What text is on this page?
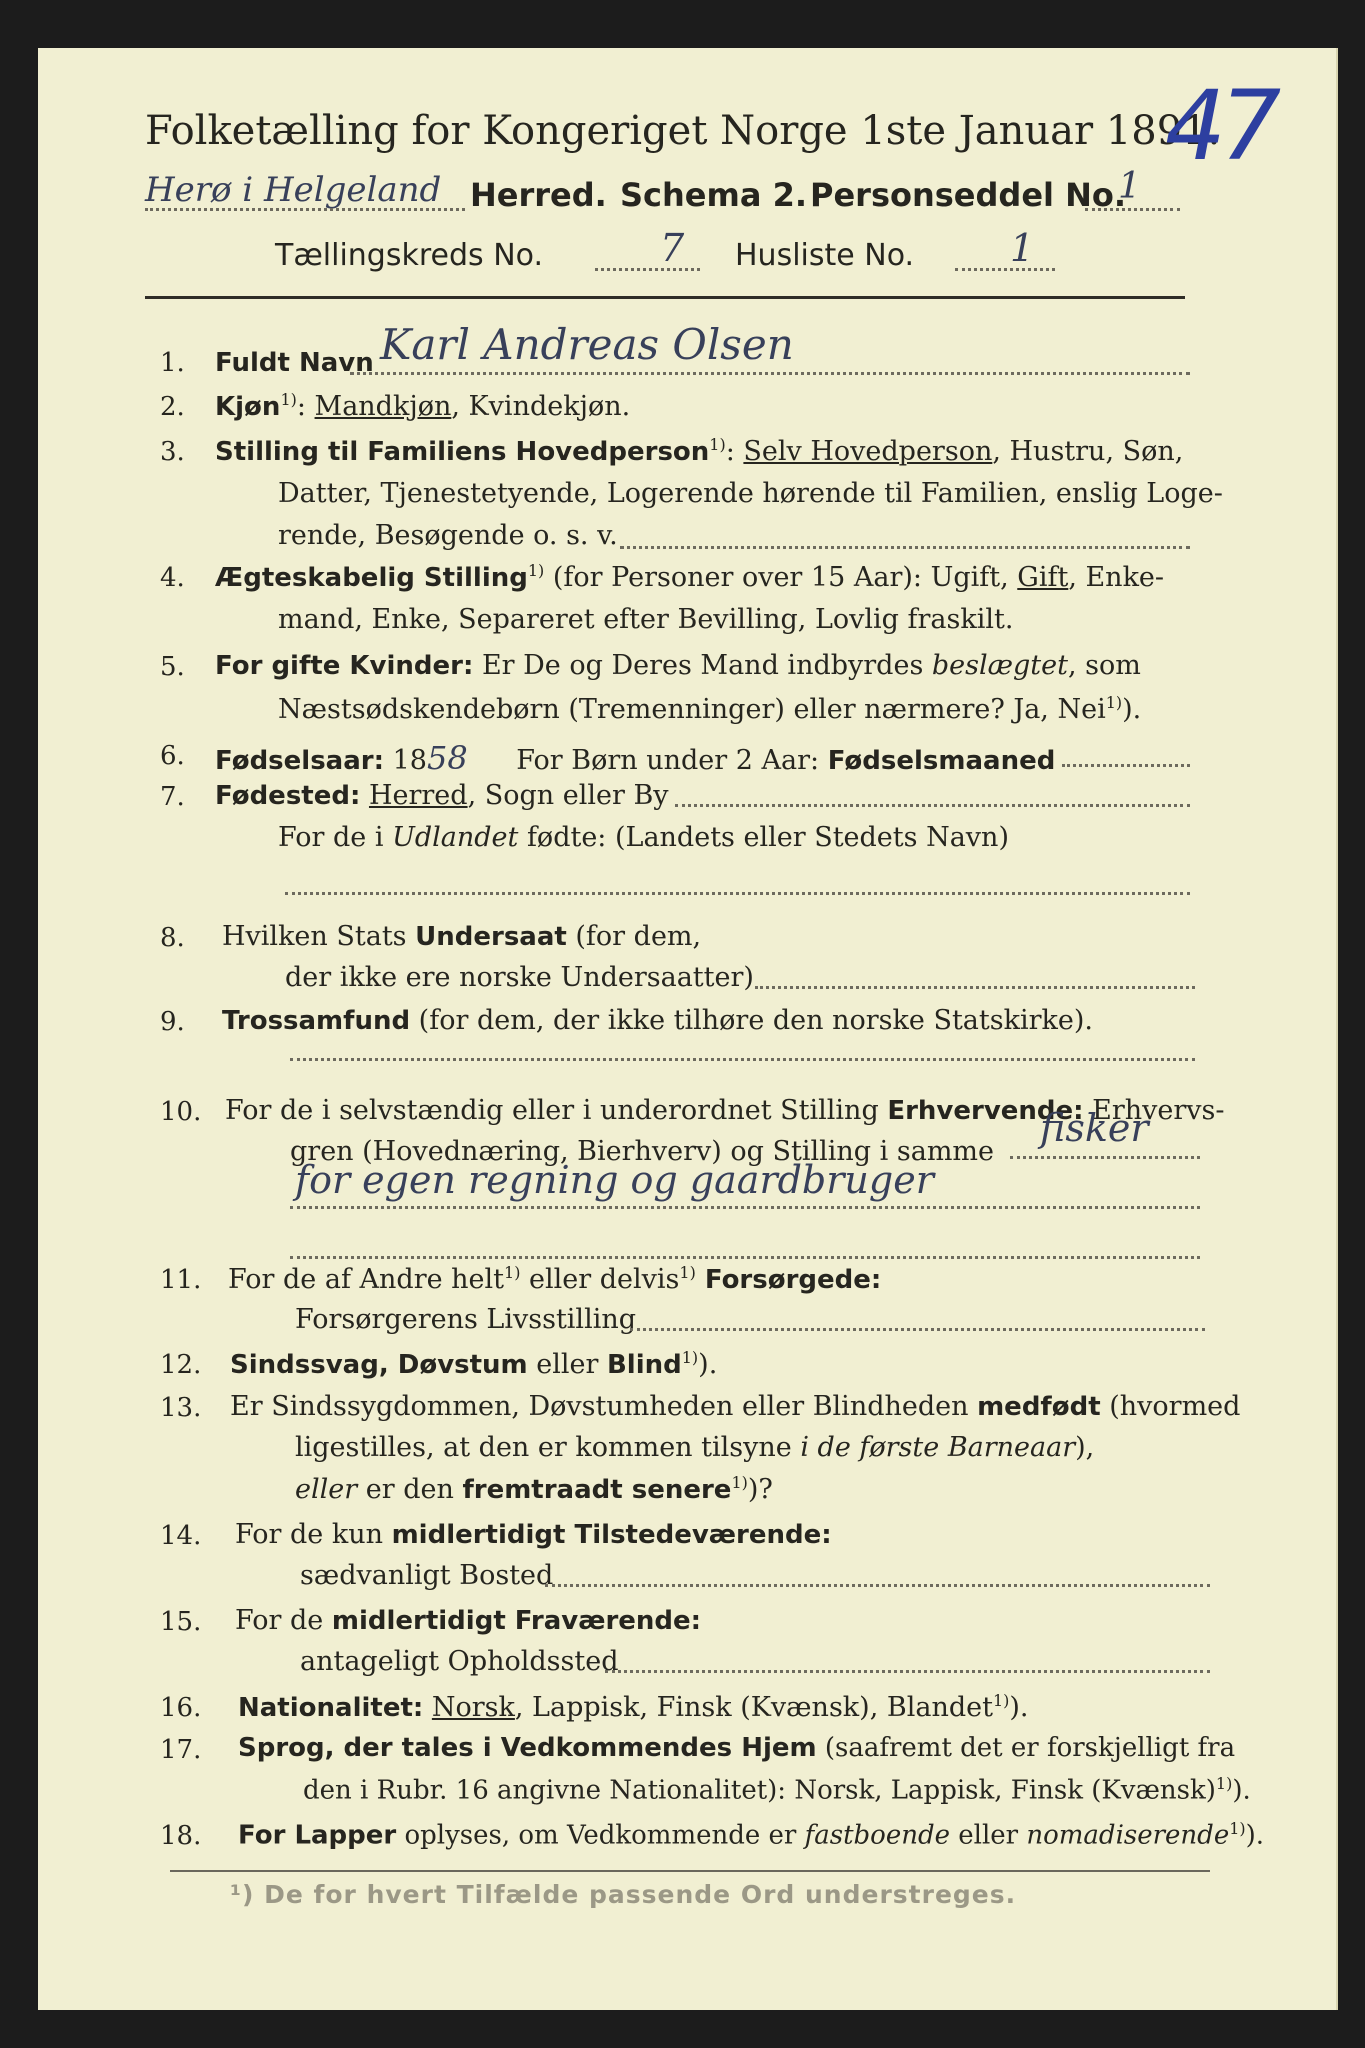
Folketælling for Kongeriget Norge 1ste Januar 1891.
47
Herø i Helgeland Herred. Schema 2. Personseddel No.
1
Tællingskreds No.	7 Husliste No.	1
1. Fuldt Navn Karl Andreas Olsen
2. Kjøn$^{1)}$: Mandkjøn, Kvindekjøn.
3. Stilling til Familiens Hovedperson$^{1)}$: Selv Hovedperson, Hustru, Søn,
Datter, Tjenestetyende, Logerende hørende til Familien, enslig Loge-
rende, Besøgende o. s. v.
4. Ægteskabelig Stilling$^{1)}$ (for Personer over 15 Aar): Ugift, Gift, Enke-
mand, Enke, Separeret efter Bevilling, Lovlig fraskilt.
5. For gifte Kvinder: Er De og Deres Mand indbyrdes beslægtet, som
Næstsødskendebørn (Tremenninger) eller nærmere? Ja, Nei$^{1)}$).
6. Fødselsaar: 1858 For Børn under 2 Aar: Fødselsmaaned
7. Fødested: Herred, Sogn eller By
For de i Udlandet fødte: (Landets eller Stedets Navn)
8. Hvilken Stats Undersaat (for dem,
der ikke ere norske Undersaatter)
9. Trossamfund (for dem, der ikke tilhøre den norske Statskirke).
10. For de i selvstændig eller i underordnet Stilling Erhvervende: Erhvervs-
gren (Hovednæring, Bierhverv) og Stilling i samme
fisker
for egen regning og gaardbruger
11. For de af Andre helt$^{1)}$ eller delvis$^{1)}$ Forsørgede:
Forsørgerens Livsstilling
12. Sindssvag, Døvstum eller Blind$^{1)}$).
13. Er Sindssygdommen, Døvstumheden eller Blindheden medfødt (hvormed
ligestilles, at den er kommen tilsyne i de første Barneaar),
eller er den fremtraadt senere$^{1)}$)?
14. For de kun midlertidigt Tilstedeværende:
sædvanligt Bosted
15. For de midlertidigt Fraværende:
antageligt Opholdssted
16. Nationalitet: Norsk, Lappisk, Finsk (Kvænsk), Blandet$^{1)}$).
17. Sprog, der tales i Vedkommendes Hjem (saafremt det er forskjelligt fra
den i Rubr. 16 angivne Nationalitet): Norsk, Lappisk, Finsk (Kvænsk)$^{1)}$).
18. For Lapper oplyses, om Vedkommende er fastboende eller nomadiserende$^{1)}$).
¹) De for hvert Tilfælde passende Ord understreges.
